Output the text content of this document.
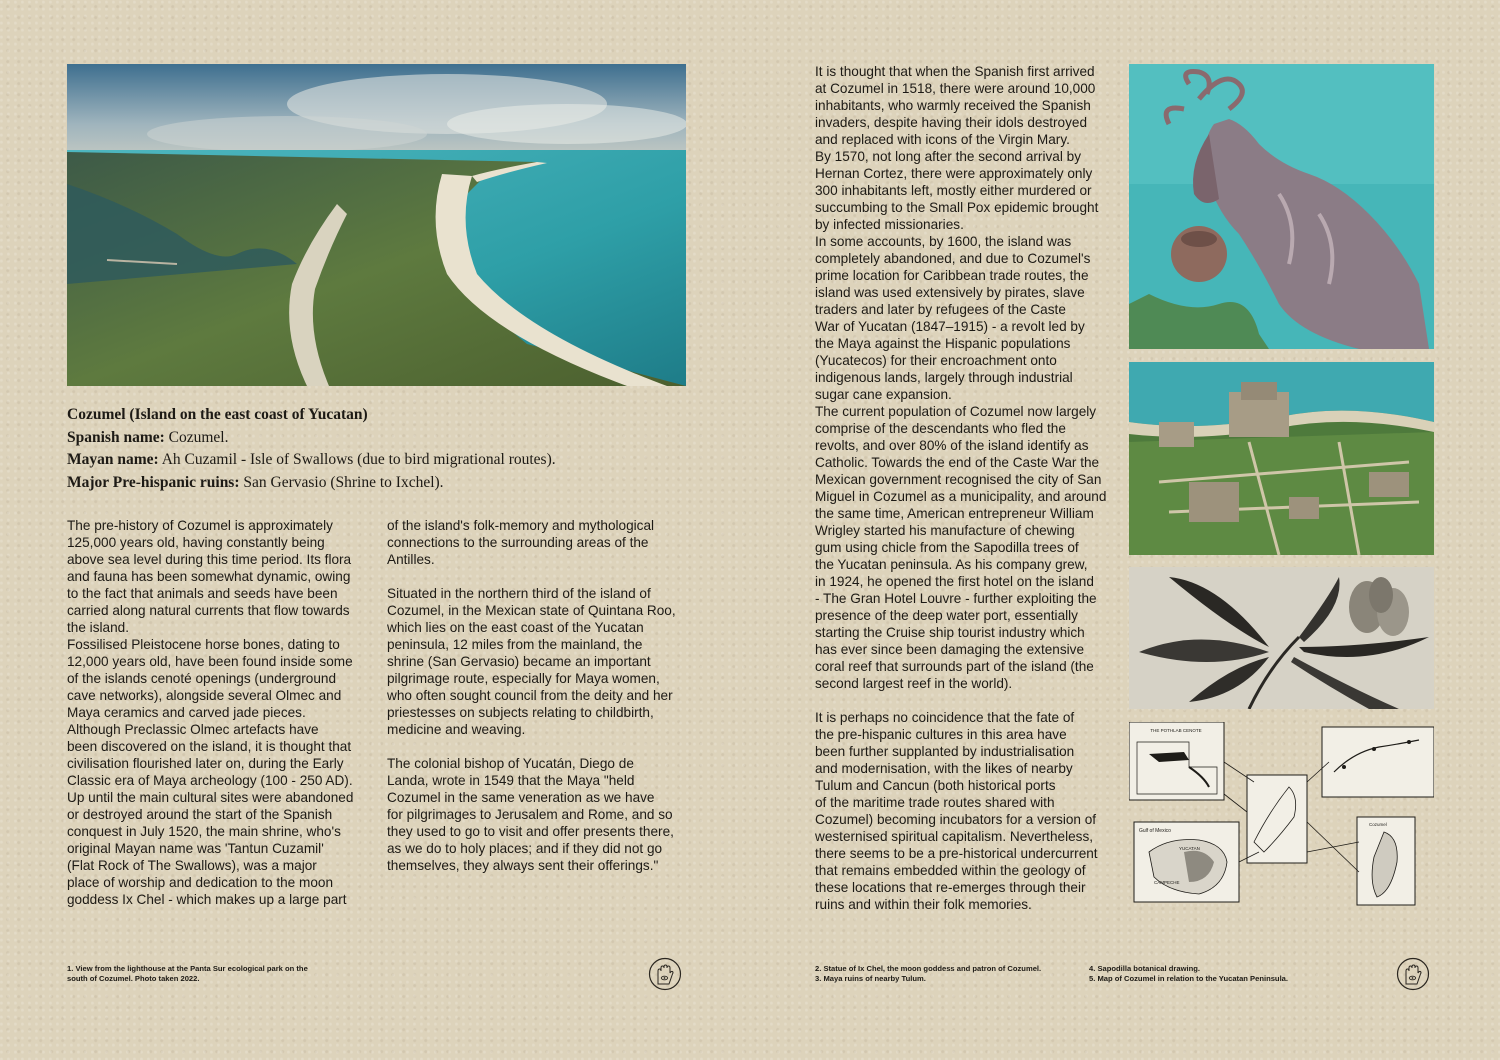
Cozumel (Island on the east coast of Yucatan)
Spanish name: Cozumel.
Mayan name: Ah Cuzamil - Isle of Swallows (due to bird migrational routes).
Major Pre-hispanic ruins: San Gervasio (Shrine to Ixchel).
The pre-history of Cozumel is approximately
125,000 years old, having constantly being
above sea level during this time period. Its flora
and fauna has been somewhat dynamic, owing
to the fact that animals and seeds have been
carried along natural currents that flow towards
the island.
Fossilised Pleistocene horse bones, dating to
12,000 years old, have been found inside some
of the islands cenoté openings (underground
cave networks), alongside several Olmec and
Maya ceramics and carved jade pieces.
Although Preclassic Olmec artefacts have
been discovered on the island, it is thought that
civilisation flourished later on, during the Early
Classic era of Maya archeology (100 - 250 AD).
Up until the main cultural sites were abandoned
or destroyed around the start of the Spanish
conquest in July 1520, the main shrine, who's
original Mayan name was 'Tantun Cuzamil'
(Flat Rock of The Swallows), was a major
place of worship and dedication to the moon
goddess Ix Chel - which makes up a large part
of the island's folk-memory and mythological
connections to the surrounding areas of the
Antilles.

Situated in the northern third of the island of
Cozumel, in the Mexican state of Quintana Roo,
which lies on the east coast of the Yucatan
peninsula, 12 miles from the mainland, the
shrine (San Gervasio) became an important
pilgrimage route, especially for Maya women,
who often sought council from the deity and her
priestesses on subjects relating to childbirth,
medicine and weaving.

The colonial bishop of Yucatán, Diego de
Landa, wrote in 1549 that the Maya "held
Cozumel in the same veneration as we have
for pilgrimages to Jerusalem and Rome, and so
they used to go to visit and offer presents there,
as we do to holy places; and if they did not go
themselves, they always sent their offerings."
1. View from the lighthouse at the Panta Sur ecological park on the
south of Cozumel. Photo taken 2022.
It is thought that when the Spanish first arrived
at Cozumel in 1518, there were around 10,000
inhabitants, who warmly received the Spanish
invaders, despite having their idols destroyed
and replaced with icons of the Virgin Mary.
By 1570, not long after the second arrival by
Hernan Cortez, there were approximately only
300 inhabitants left, mostly either murdered or
succumbing to the Small Pox epidemic brought
by infected missionaries.
In some accounts, by 1600, the island was
completely abandoned, and due to Cozumel's
prime location for Caribbean trade routes, the
island was used extensively by pirates, slave
traders and later by refugees of the Caste
War of Yucatan (1847–1915) - a revolt led by
the Maya against the Hispanic populations
(Yucatecos) for their encroachment onto
indigenous lands, largely through industrial
sugar cane expansion.
The current population of Cozumel now largely
comprise of the descendants who fled the
revolts, and over 80% of the island identify as
Catholic. Towards the end of the Caste War the
Mexican government recognised the city of San
Miguel in Cozumel as a municipality, and around
the same time, American entrepreneur William
Wrigley started his manufacture of chewing
gum using chicle from the Sapodilla trees of
the Yucatan peninsula. As his company grew,
in 1924, he opened the first hotel on the island
- The Gran Hotel Louvre - further exploiting the
presence of the deep water port, essentially
starting the Cruise ship tourist industry which
has ever since been damaging the extensive
coral reef that surrounds part of the island (the
second largest reef in the world).

It is perhaps no coincidence that the fate of
the pre-hispanic cultures in this area have
been further supplanted by industrialisation
and modernisation, with the likes of nearby
Tulum and Cancun (both historical ports
of the maritime trade routes shared with
Cozumel) becoming incubators for a version of
westernised spiritual capitalism. Nevertheless,
there seems to be a pre-historical undercurrent
that remains embedded within the geology of
these locations that re-emerges through their
ruins and within their folk memories.
THE POTHLAB CENOTE
Gulf of Mexico
YUCATAN
CAMPECHE
Cozumel
2. Statue of Ix Chel, the moon goddess and patron of Cozumel.
3. Maya ruins of nearby Tulum.
4. Sapodilla botanical drawing.
5. Map of Cozumel in relation to the Yucatan Peninsula.
